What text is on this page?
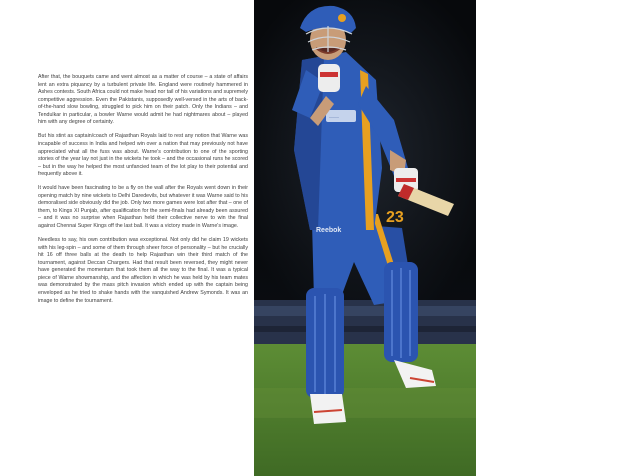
After that, the bouquets came and went almost as a matter of course – a state of affairs lent an extra piquancy by a turbulent private life. England were routinely hammered in Ashes contests. South Africa could not make head nor tail of his variations and supremely competitive aggression. Even the Pakistanis, supposedly well-versed in the arts of back-of-the-hand slow bowling, struggled to pick him on their patch. Only the Indians – and Tendulkar in particular, a bowler Warne would admit he had nightmares about – played him with any degree of certainty.

But his stint as captain/coach of Rajasthan Royals laid to rest any notion that Warne was incapable of success in India and helped win over a nation that may previously not have appreciated what all the fuss was about. Warne's contribution to one of the sporting stories of the year lay not just in the wickets he took – and the occasional runs he scored – but in the way he helped the most unfancied team of the lot play to their potential and frequently above it.

It would have been fascinating to be a fly on the wall after the Royals went down in their opening match by nine wickets to Delhi Daredevils, but whatever it was Warne said to his demoralised side obviously did the job. Only two more games were lost after that – one of them, to Kings XI Punjab, after qualification for the semi-finals had already been assured – and it was no surprise when Rajasthan held their collective nerve to win the final against Chennai Super Kings off the last ball. It was a victory made in Warne's image.

Needless to say, his own contribution was exceptional. Not only did he claim 19 wickets with his leg-spin – and some of them through sheer force of personality – but he crucially hit 16 off three balls at the death to help Rajasthan win their third match of the tournament, against Deccan Chargers. Had that result been reversed, they might never have generated the momentum that took them all the way to the final. It was a typical piece of Warne showmanship, and the affection in which he was held by his team mates was demonstrated by the mass pitch invasion which ended up with the captain being enveloped as he tried to shake hands with the vanquished Andrew Symonds. It was an image to define the tournament.

·····
Reebok
23
